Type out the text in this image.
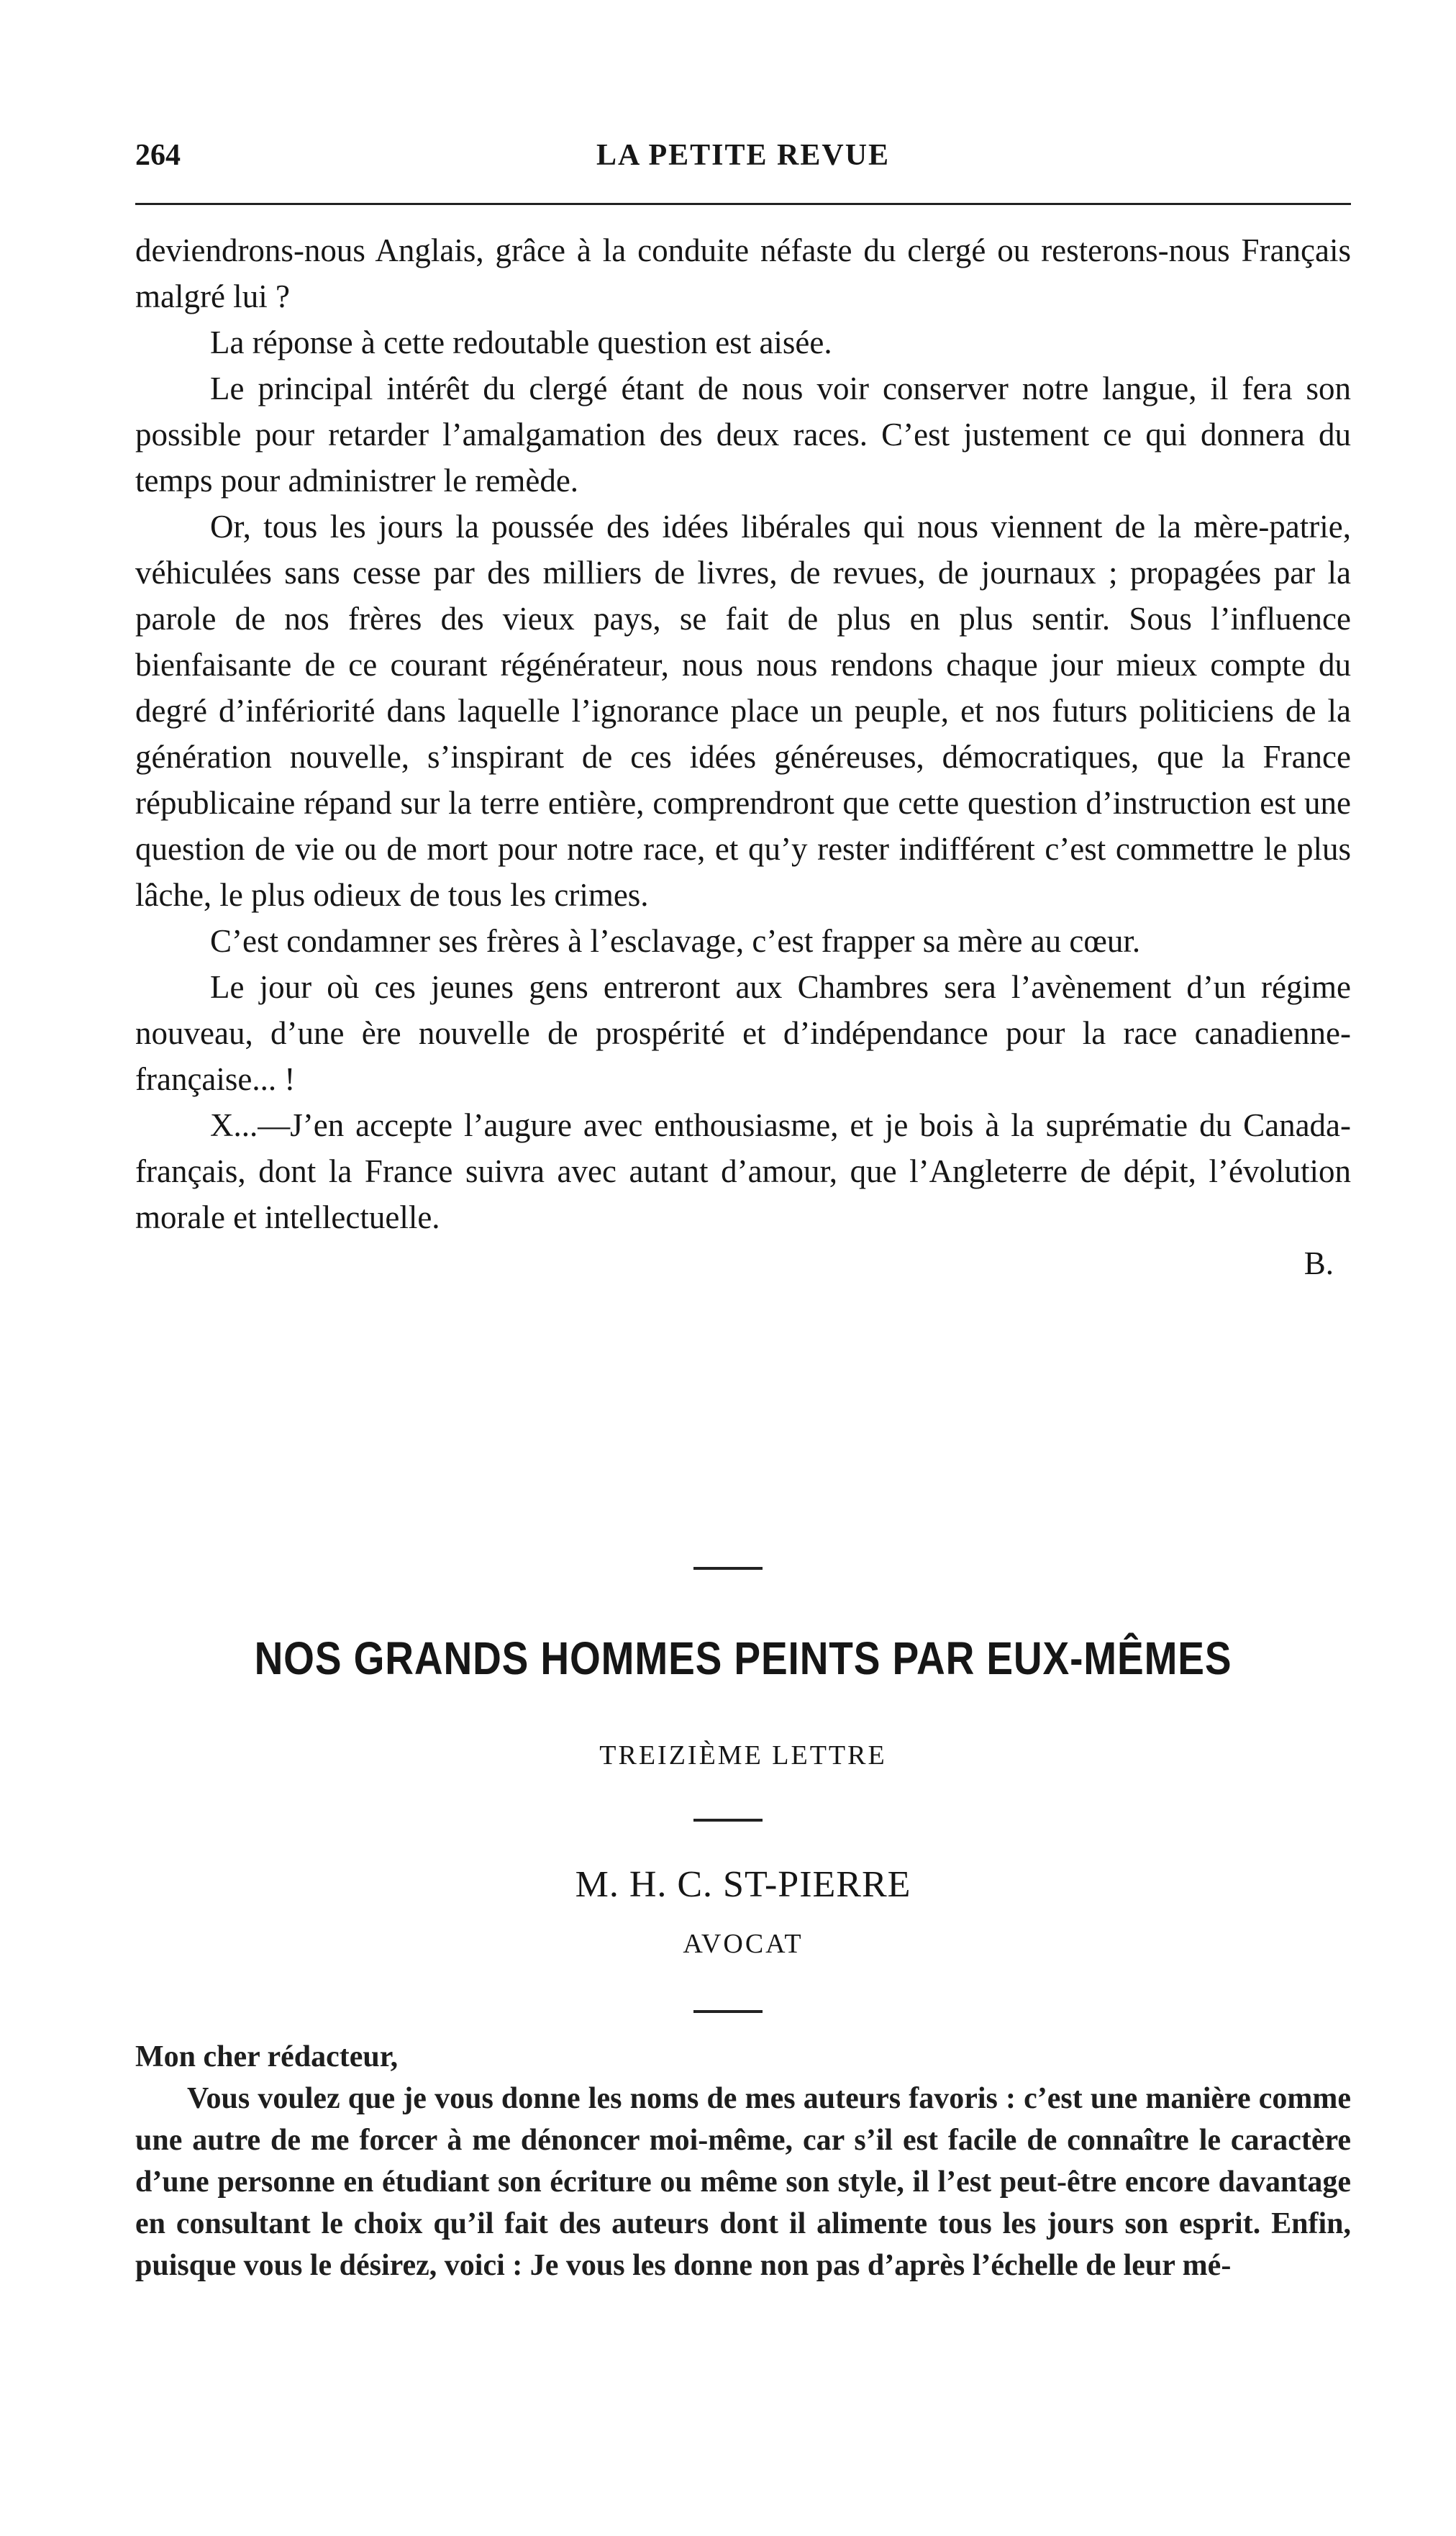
264	LA PETITE REVUE

deviendrons-nous Anglais, grâce à la conduite néfaste du clergé ou resterons-nous Français malgré lui ?

La réponse à cette redoutable question est aisée.

Le principal intérêt du clergé étant de nous voir conserver notre langue, il fera son possible pour retarder l’amalgamation des deux races. C’est justement ce qui donnera du temps pour administrer le remède.

Or, tous les jours la poussée des idées libérales qui nous viennent de la mère-patrie, véhiculées sans cesse par des milliers de livres, de revues, de journaux ; propagées par la parole de nos frères des vieux pays, se fait de plus en plus sentir. Sous l’influence bienfaisante de ce courant régénérateur, nous nous rendons chaque jour mieux compte du degré d’infériorité dans laquelle l’ignorance place un peuple, et nos futurs politiciens de la génération nouvelle, s’inspirant de ces idées généreuses, démocratiques, que la France républicaine répand sur la terre entière, comprendront que cette question d’instruction est une question de vie ou de mort pour notre race, et qu’y rester indifférent c’est commettre le plus lâche, le plus odieux de tous les crimes.

C’est condamner ses frères à l’esclavage, c’est frapper sa mère au cœur.

Le jour où ces jeunes gens entreront aux Chambres sera l’avènement d’un régime nouveau, d’une ère nouvelle de prospérité et d’indépendance pour la race canadienne-française... !

X...—J’en accepte l’augure avec enthousiasme, et je bois à la suprématie du Canada-français, dont la France suivra avec autant d’amour, que l’Angleterre de dépit, l’évolution morale et intellectuelle.

B.

NOS GRANDS HOMMES PEINTS PAR EUX-MÊMES
TREIZIÈME LETTRE
M. H. C. ST-PIERRE
AVOCAT

Mon cher rédacteur,

Vous voulez que je vous donne les noms de mes auteurs favoris : c’est une manière comme une autre de me forcer à me dénoncer moi-même, car s’il est facile de connaître le caractère d’une personne en étudiant son écriture ou même son style, il l’est peut-être encore davantage en consultant le choix qu’il fait des auteurs dont il alimente tous les jours son esprit. Enfin, puisque vous le désirez, voici : Je vous les donne non pas d’après l’échelle de leur mé-
